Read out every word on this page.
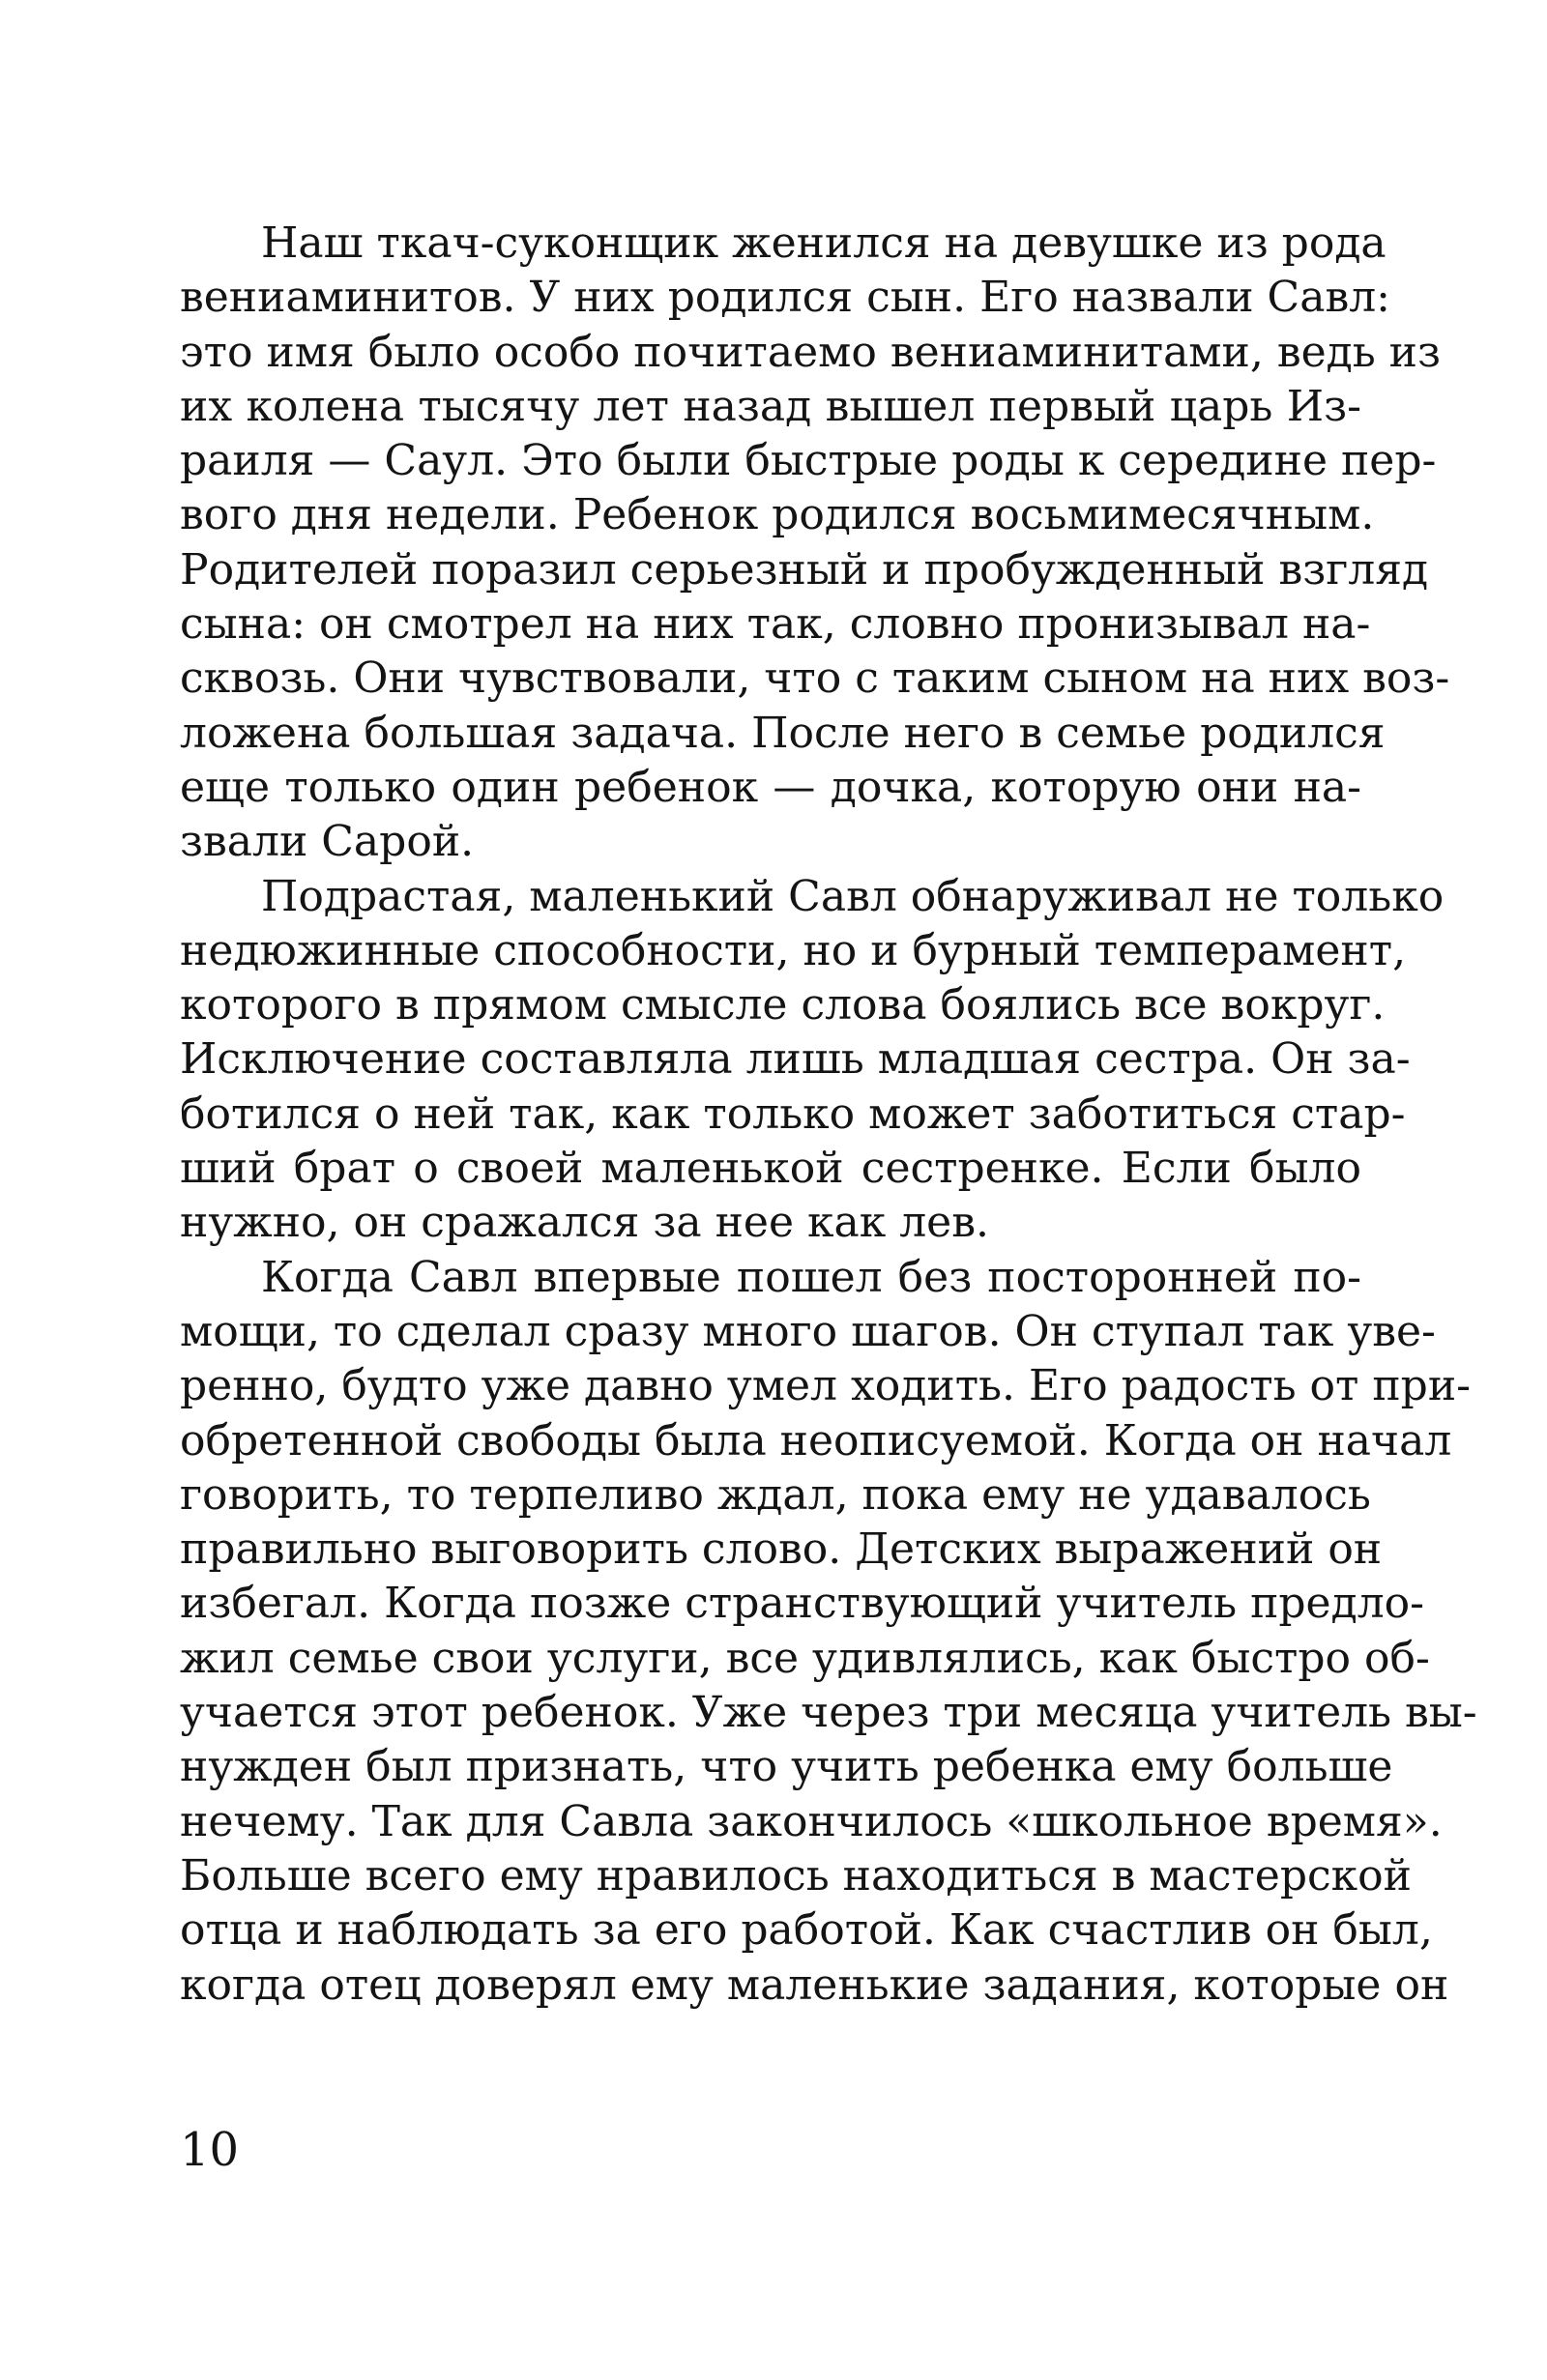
Наш ткач-суконщик женился на девушке из рода
вениаминитов. У них родился сын. Его назвали Савл:
это имя было особо почитаемо вениаминитами, ведь из
их колена тысячу лет назад вышел первый царь Из-
раиля — Саул. Это были быстрые роды к середине пер-
вого дня недели. Ребенок родился восьмимесячным.
Родителей поразил серьезный и пробужденный взгляд
сына: он смотрел на них так, словно пронизывал на-
сквозь. Они чувствовали, что с таким сыном на них воз-
ложена большая задача. После него в семье родился
еще только один ребенок — дочка, которую они на-
звали Сарой.
Подрастая, маленький Савл обнаруживал не только
недюжинные способности, но и бурный темперамент,
которого в прямом смысле слова боялись все вокруг.
Исключение составляла лишь младшая сестра. Он за-
ботился о ней так, как только может заботиться стар-
ший брат о своей маленькой сестренке. Если было
нужно, он сражался за нее как лев.
Когда Савл впервые пошел без посторонней по-
мощи, то сделал сразу много шагов. Он ступал так уве-
ренно, будто уже давно умел ходить. Его радость от при-
обретенной свободы была неописуемой. Когда он начал
говорить, то терпеливо ждал, пока ему не удавалось
правильно выговорить слово. Детских выражений он
избегал. Когда позже странствующий учитель предло-
жил семье свои услуги, все удивлялись, как быстро об-
учается этот ребенок. Уже через три месяца учитель вы-
нужден был признать, что учить ребенка ему больше
нечему. Так для Савла закончилось «школьное время».
Больше всего ему нравилось находиться в мастерской
отца и наблюдать за его работой. Как счастлив он был,
когда отец доверял ему маленькие задания, которые он
10
